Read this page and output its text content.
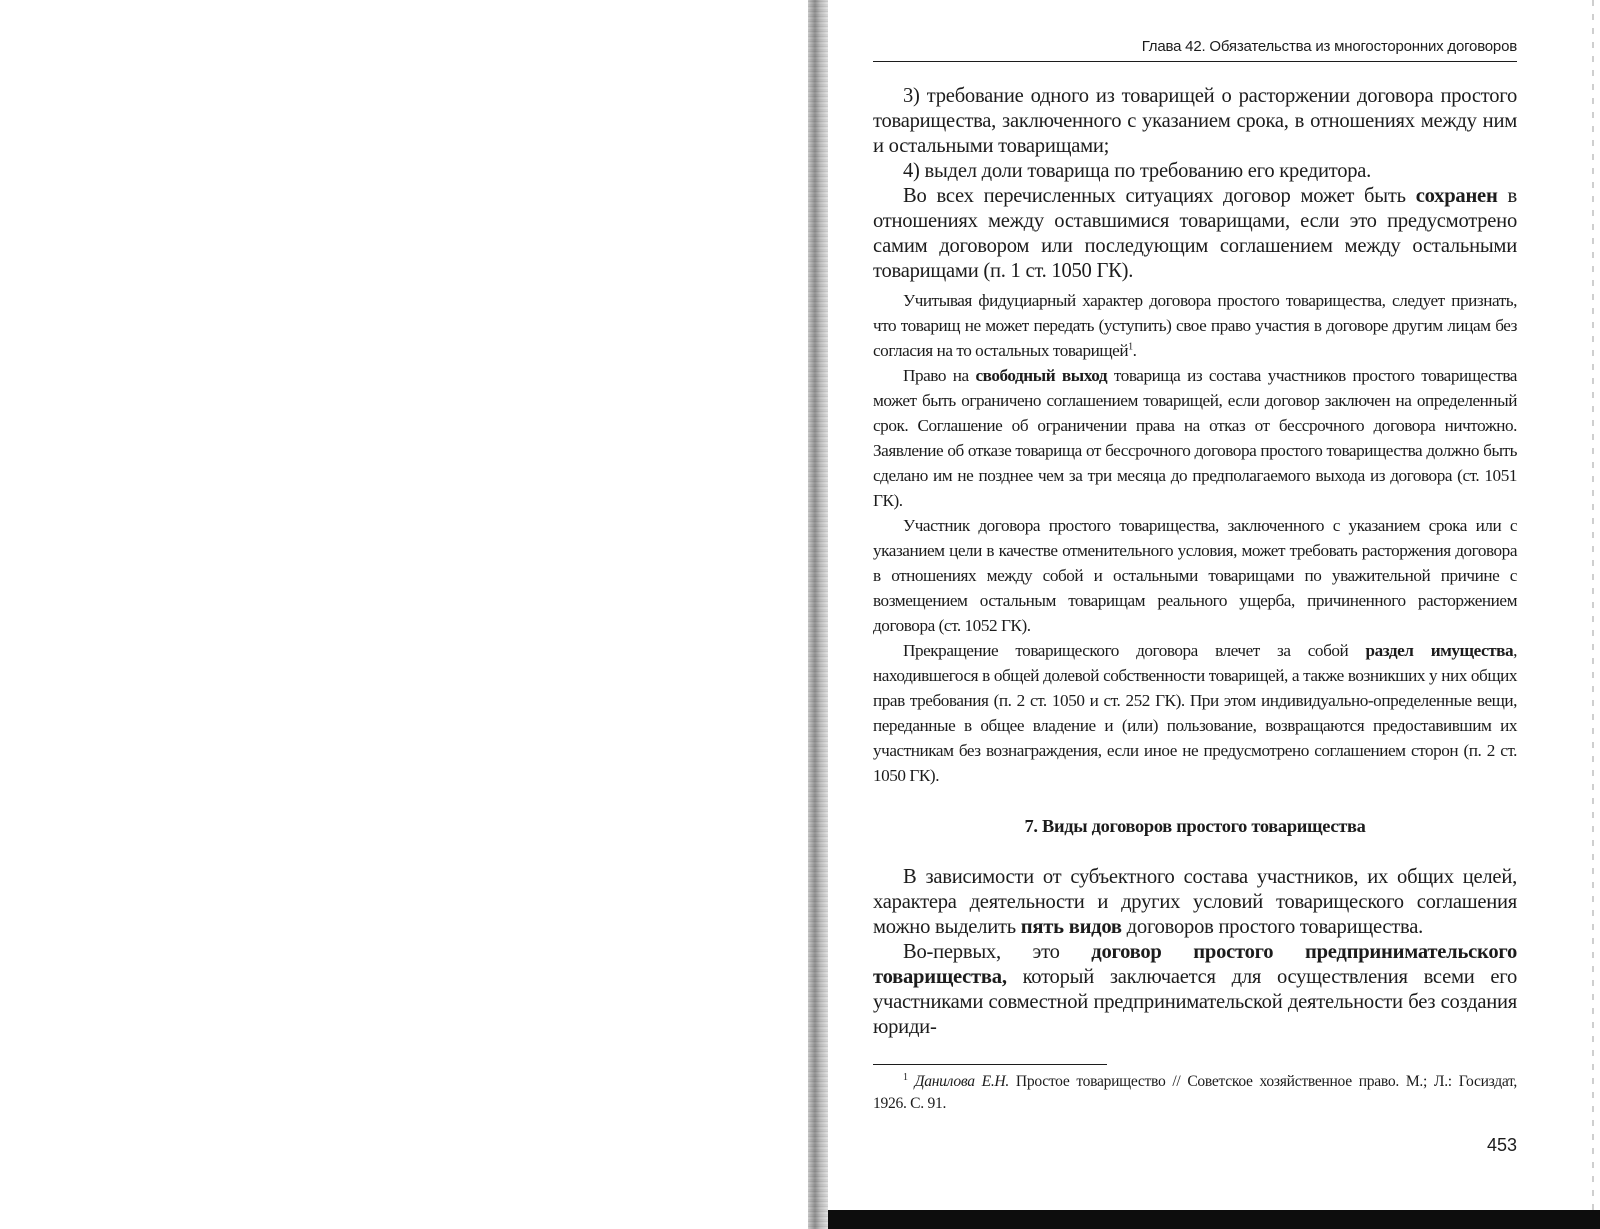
Глава 42. Обязательства из многосторонних договоров

3) требование одного из товарищей о расторжении договора простого товарищества, заключенного с указанием срока, в отношениях между ним и остальными товарищами;

4) выдел доли товарища по требованию его кредитора.

Во всех перечисленных ситуациях договор может быть сохранен в отношениях между оставшимися товарищами, если это предусмотрено самим договором или последующим соглашением между остальными товарищами (п. 1 ст. 1050 ГК).

Учитывая фидуциарный характер договора простого товарищества, следует признать, что товарищ не может передать (уступить) свое право участия в договоре другим лицам без согласия на то остальных товарищей$^1$.

Право на свободный выход товарища из состава участников простого товарищества может быть ограничено соглашением товарищей, если договор заключен на определенный срок. Соглашение об ограничении права на отказ от бессрочного договора ничтожно. Заявление об отказе товарища от бессрочного договора простого товарищества должно быть сделано им не позднее чем за три месяца до предполагаемого выхода из договора (ст. 1051 ГК).

Участник договора простого товарищества, заключенного с указанием срока или с указанием цели в качестве отменительного условия, может требовать расторжения договора в отношениях между собой и остальными товарищами по уважительной причине с возмещением остальным товарищам реального ущерба, причиненного расторжением договора (ст. 1052 ГК).

Прекращение товарищеского договора влечет за собой раздел имущества, находившегося в общей долевой собственности товарищей, а также возникших у них общих прав требования (п. 2 ст. 1050 и ст. 252 ГК). При этом индивидуально-определенные вещи, переданные в общее владение и (или) пользование, возвращаются предоставившим их участникам без вознаграждения, если иное не предусмотрено соглашением сторон (п. 2 ст. 1050 ГК).

7. Виды договоров простого товарищества

В зависимости от субъектного состава участников, их общих целей, характера деятельности и других условий товарищеского соглашения можно выделить пять видов договоров простого товарищества.

Во-первых, это договор простого предпринимательского товарищества, который заключается для осуществления всеми его участниками совместной предпринимательской деятельности без создания юриди-

$^1$ Данилова Е.Н. Простое товарищество // Советское хозяйственное право. М.; Л.: Госиздат, 1926. С. 91.

453
